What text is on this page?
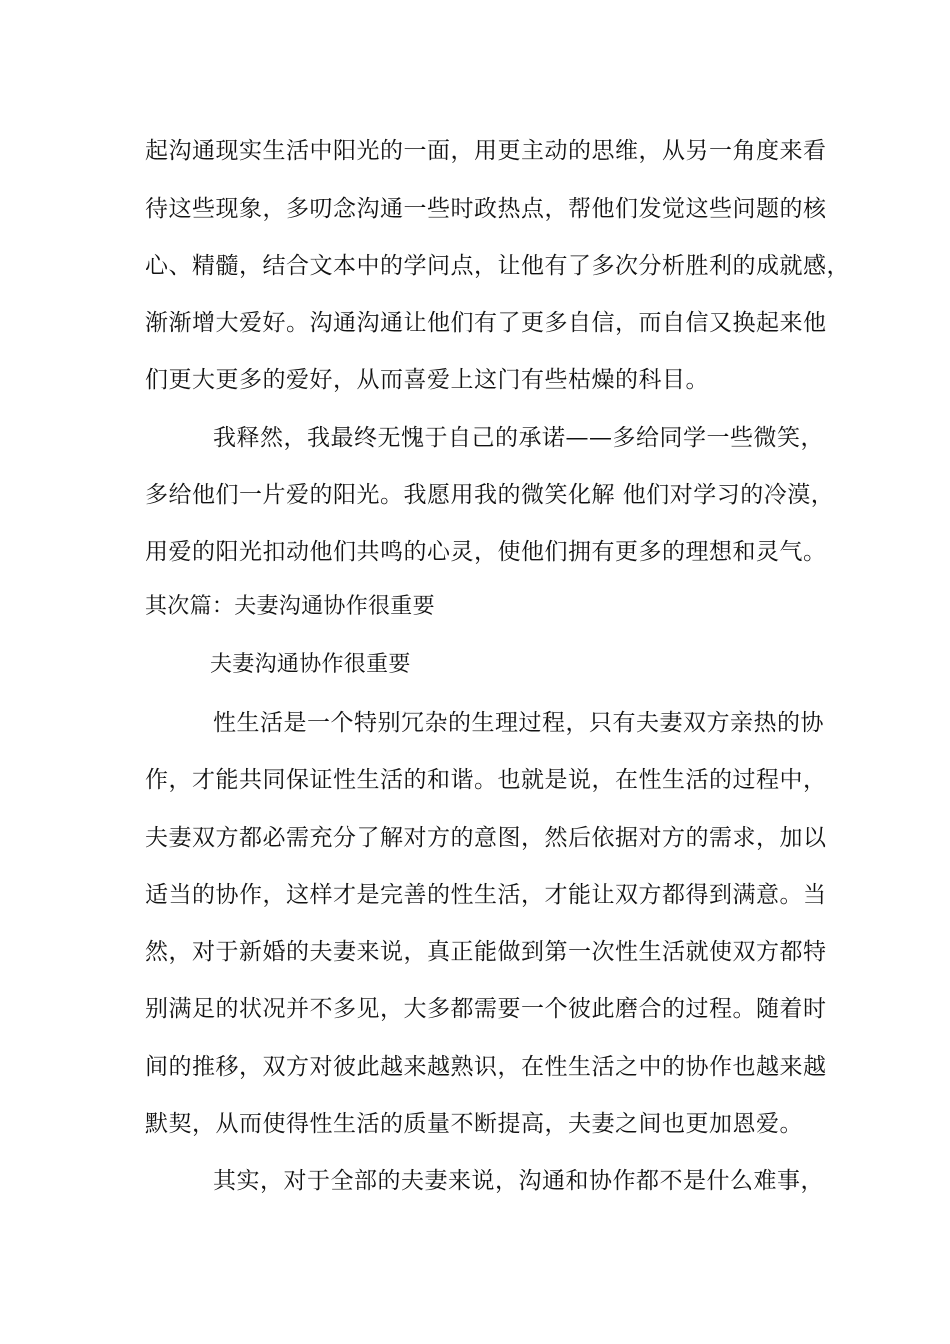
起沟通现实生活中阳光的一面，用更主动的思维，从另一角度来看
待这些现象，多叨念沟通一些时政热点，帮他们发觉这些问题的核
心、精髓，结合文本中的学问点，让他有了多次分析胜利的成就感，
渐渐增大爱好。沟通沟通让他们有了更多自信，而自信又换起来他
们更大更多的爱好，从而喜爱上这门有些枯燥的科目。
我释然，我最终无愧于自己的承诺——多给同学一些微笑，
多给他们一片爱的阳光。我愿用我的微笑化解 他们对学习的冷漠，
用爱的阳光扣动他们共鸣的心灵，使他们拥有更多的理想和灵气。
其次篇：夫妻沟通协作很重要
夫妻沟通协作很重要
性生活是一个特别冗杂的生理过程，只有夫妻双方亲热的协
作，才能共同保证性生活的和谐。也就是说，在性生活的过程中，
夫妻双方都必需充分了解对方的意图，然后依据对方的需求，加以
适当的协作，这样才是完善的性生活，才能让双方都得到满意。当
然，对于新婚的夫妻来说，真正能做到第一次性生活就使双方都特
别满足的状况并不多见，大多都需要一个彼此磨合的过程。随着时
间的推移，双方对彼此越来越熟识，在性生活之中的协作也越来越
默契，从而使得性生活的质量不断提高，夫妻之间也更加恩爱。
其实，对于全部的夫妻来说，沟通和协作都不是什么难事，
